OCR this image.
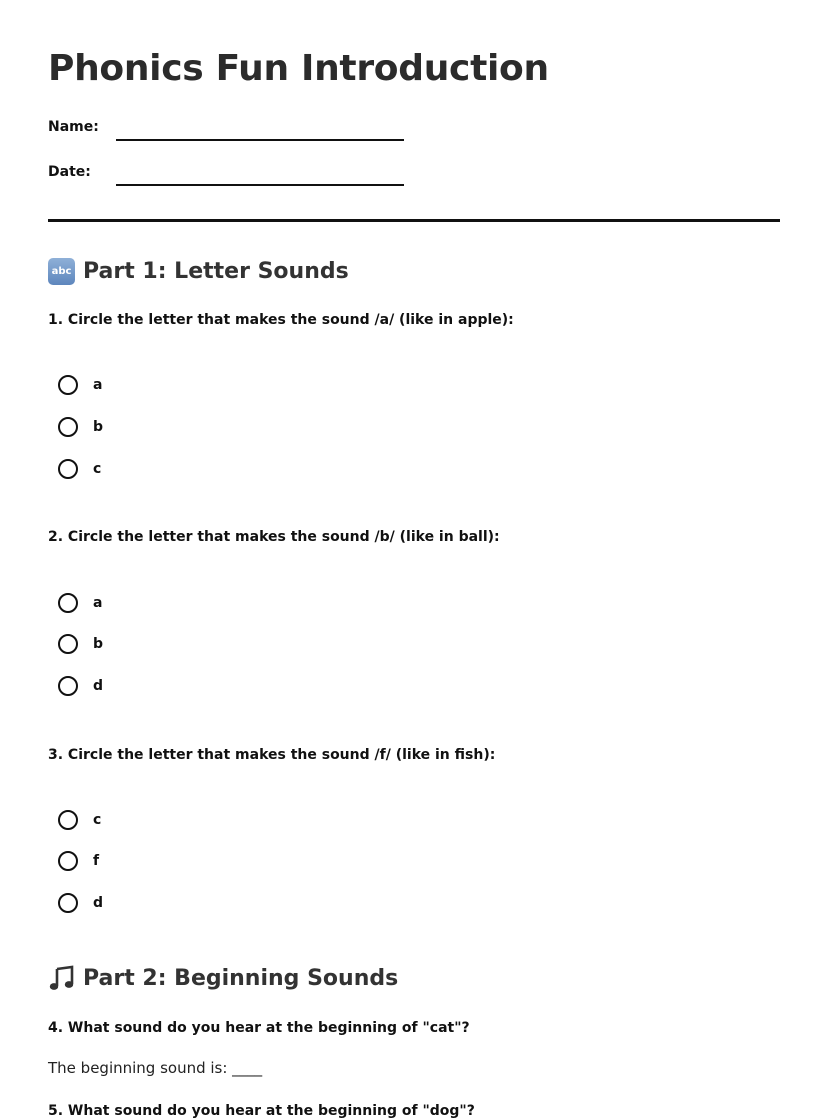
Phonics Fun Introduction
Name:
Date:
abc Part 1: Letter Sounds
1. Circle the letter that makes the sound /a/ (like in apple):
a
b
c
2. Circle the letter that makes the sound /b/ (like in ball):
a
b
d
3. Circle the letter that makes the sound /f/ (like in fish):
c
f
d
Part 2: Beginning Sounds
4. What sound do you hear at the beginning of "cat"?
The beginning sound is: ____
5. What sound do you hear at the beginning of "dog"?
